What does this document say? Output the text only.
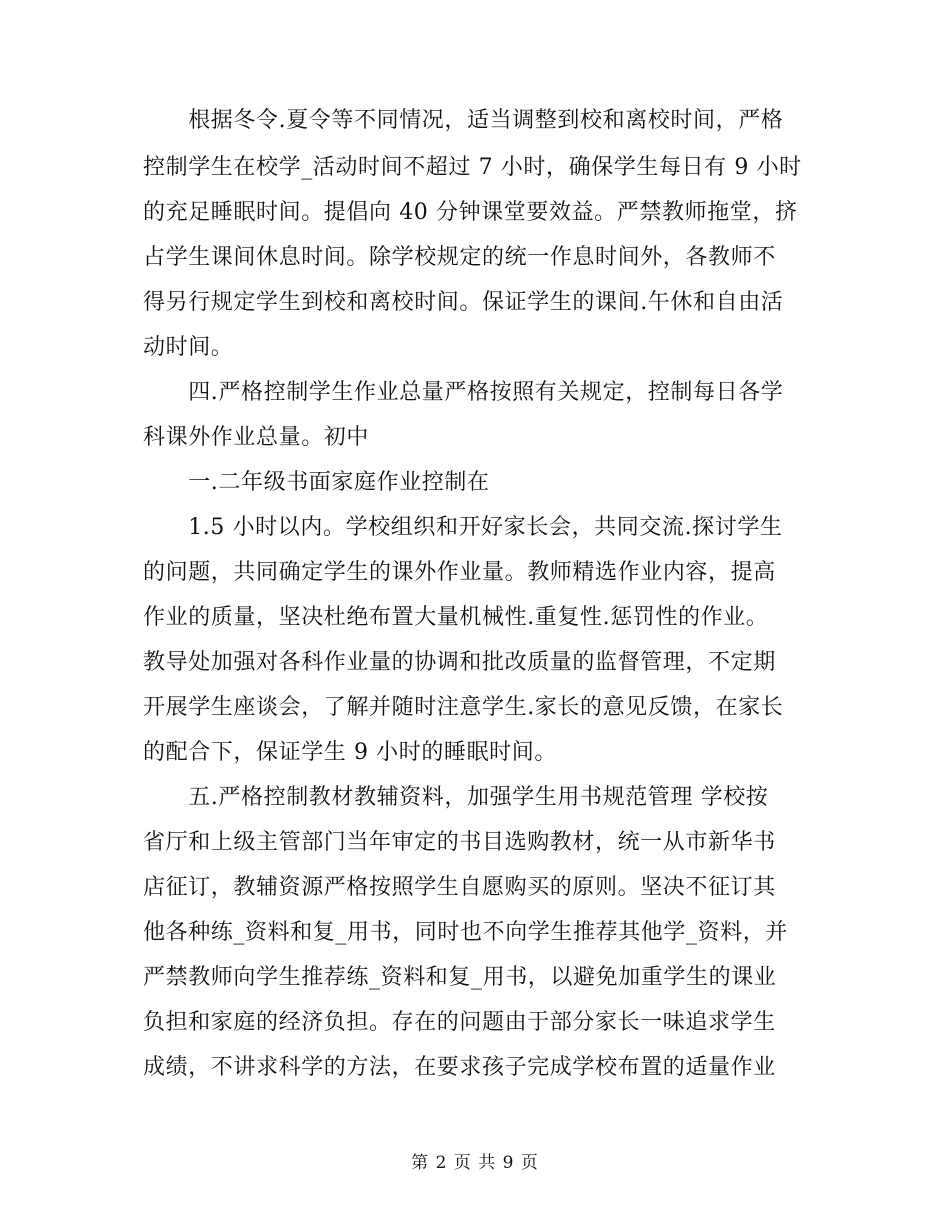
　　根据冬令.夏令等不同情况，适当调整到校和离校时间，严格
控制学生在校学_活动时间不超过 7 小时，确保学生每日有 9 小时
的充足睡眠时间。提倡向 40 分钟课堂要效益。严禁教师拖堂，挤
占学生课间休息时间。除学校规定的统一作息时间外，各教师不
得另行规定学生到校和离校时间。保证学生的课间.午休和自由活
动时间。
　　四.严格控制学生作业总量严格按照有关规定，控制每日各学
科课外作业总量。初中
　　一.二年级书面家庭作业控制在
　　1.5 小时以内。学校组织和开好家长会，共同交流.探讨学生
的问题，共同确定学生的课外作业量。教师精选作业内容，提高
作业的质量，坚决杜绝布置大量机械性.重复性.惩罚性的作业。
教导处加强对各科作业量的协调和批改质量的监督管理，不定期
开展学生座谈会，了解并随时注意学生.家长的意见反馈，在家长
的配合下，保证学生 9 小时的睡眠时间。
　　五.严格控制教材教辅资料，加强学生用书规范管理 学校按
省厅和上级主管部门当年审定的书目选购教材，统一从市新华书
店征订，教辅资源严格按照学生自愿购买的原则。坚决不征订其
他各种练_资料和复_用书，同时也不向学生推荐其他学_资料，并
严禁教师向学生推荐练_资料和复_用书，以避免加重学生的课业
负担和家庭的经济负担。存在的问题由于部分家长一味追求学生
成绩，不讲求科学的方法，在要求孩子完成学校布置的适量作业
第 2 页 共 9 页
